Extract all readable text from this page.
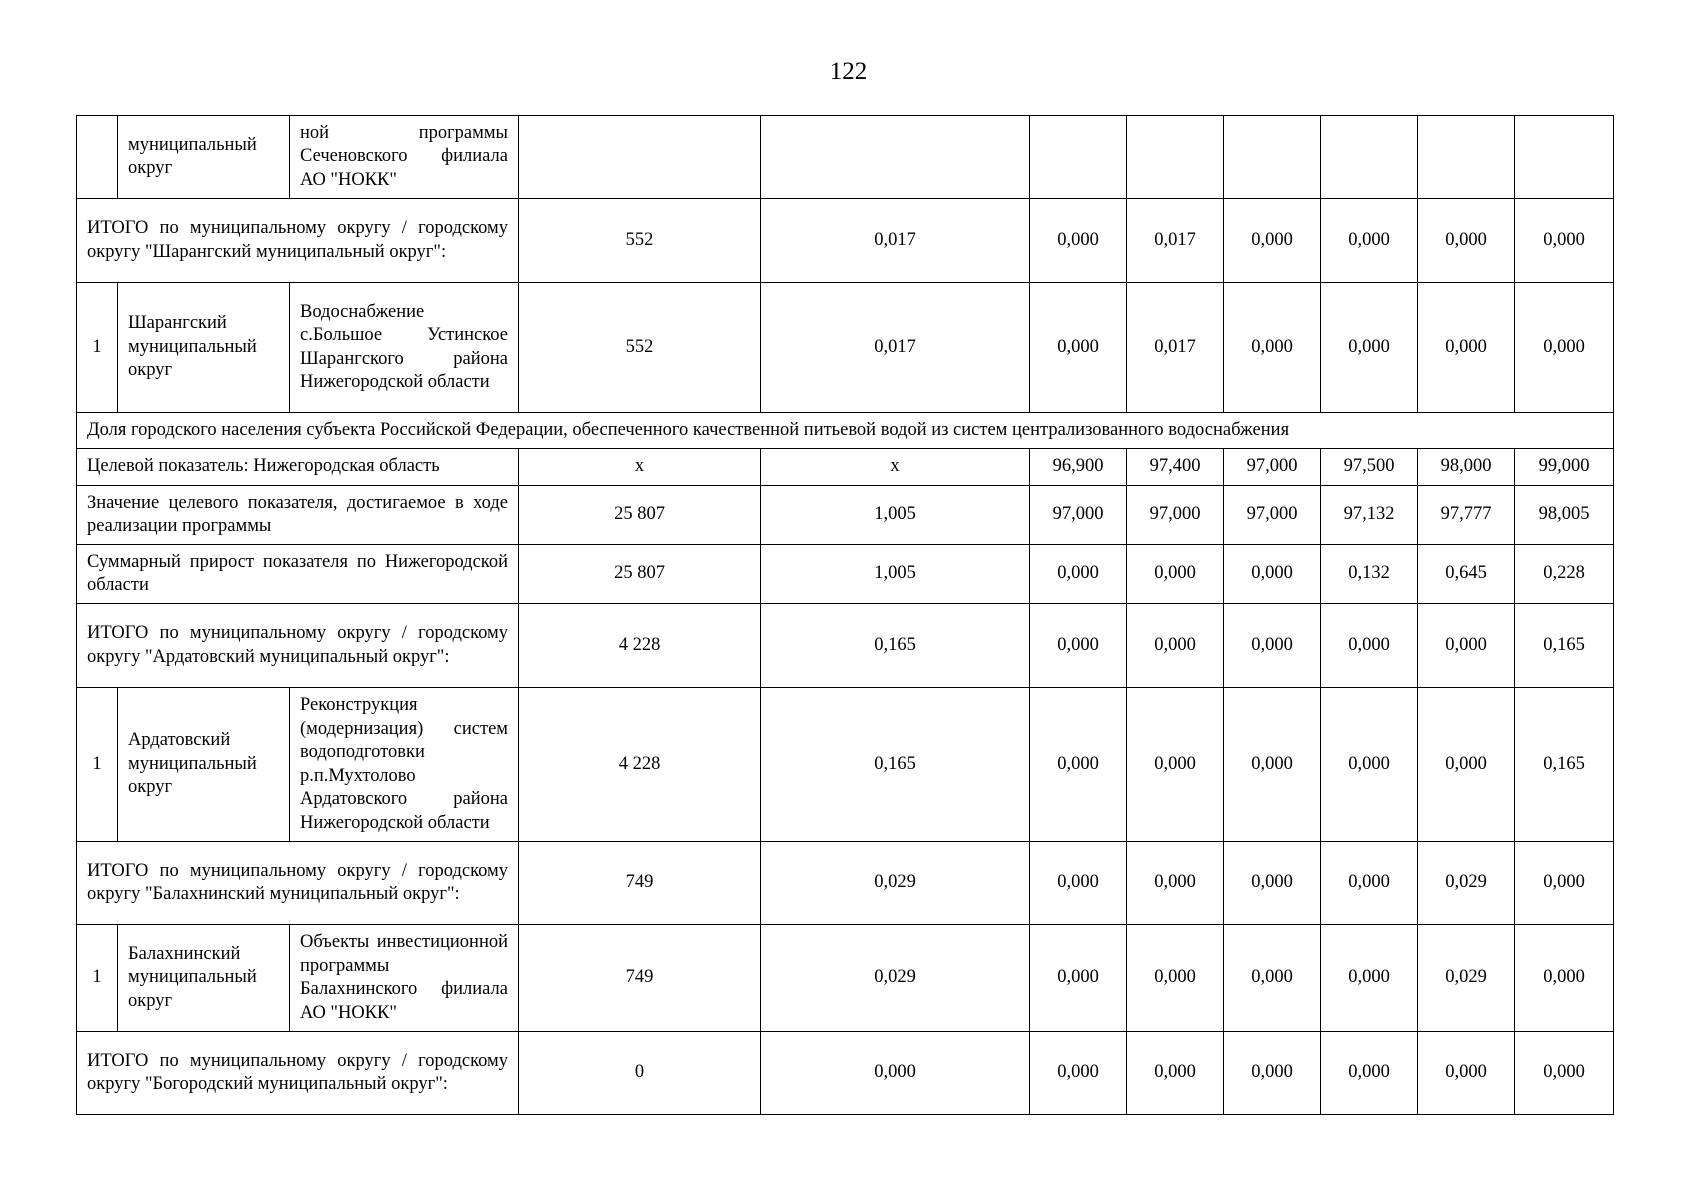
122
	муниципальный округ	ной программы Сеченовского филиала АО "НОКК"								
ИТОГО по муниципальному округу / городскому округу "Шарангский муниципальный округ":			552	0,017	0,000	0,017	0,000	0,000	0,000	0,000
1	Шарангский муниципальный округ	Водоснабжение с.Большое Устинское Шарангского района Нижегородской области	552	0,017	0,000	0,017	0,000	0,000	0,000	0,000
Доля городского населения субъекта Российской Федерации, обеспеченного качественной питьевой водой из систем централизованного водоснабжения										
Целевой показатель: Нижегородская область			х	х	96,900	97,400	97,000	97,500	98,000	99,000
Значение целевого показателя, достигаемое в ходе реализации программы			25 807	1,005	97,000	97,000	97,000	97,132	97,777	98,005
Суммарный прирост показателя по Нижегородской области			25 807	1,005	0,000	0,000	0,000	0,132	0,645	0,228
ИТОГО по муниципальному округу / городскому округу "Ардатовский муниципальный округ":			4 228	0,165	0,000	0,000	0,000	0,000	0,000	0,165
1	Ардатовский муниципальный округ	Реконструкция (модернизация) систем водоподготовки р.п.Мухтолово Ардатовского района Нижегородской области	4 228	0,165	0,000	0,000	0,000	0,000	0,000	0,165
ИТОГО по муниципальному округу / городскому округу "Балахнинский муниципальный округ":			749	0,029	0,000	0,000	0,000	0,000	0,029	0,000
1	Балахнинский муниципальный округ	Объекты инвестиционной программы Балахнинского филиала АО "НОКК"	749	0,029	0,000	0,000	0,000	0,000	0,029	0,000
ИТОГО по муниципальному округу / городскому округу "Богородский муниципальный округ":			0	0,000	0,000	0,000	0,000	0,000	0,000	0,000
